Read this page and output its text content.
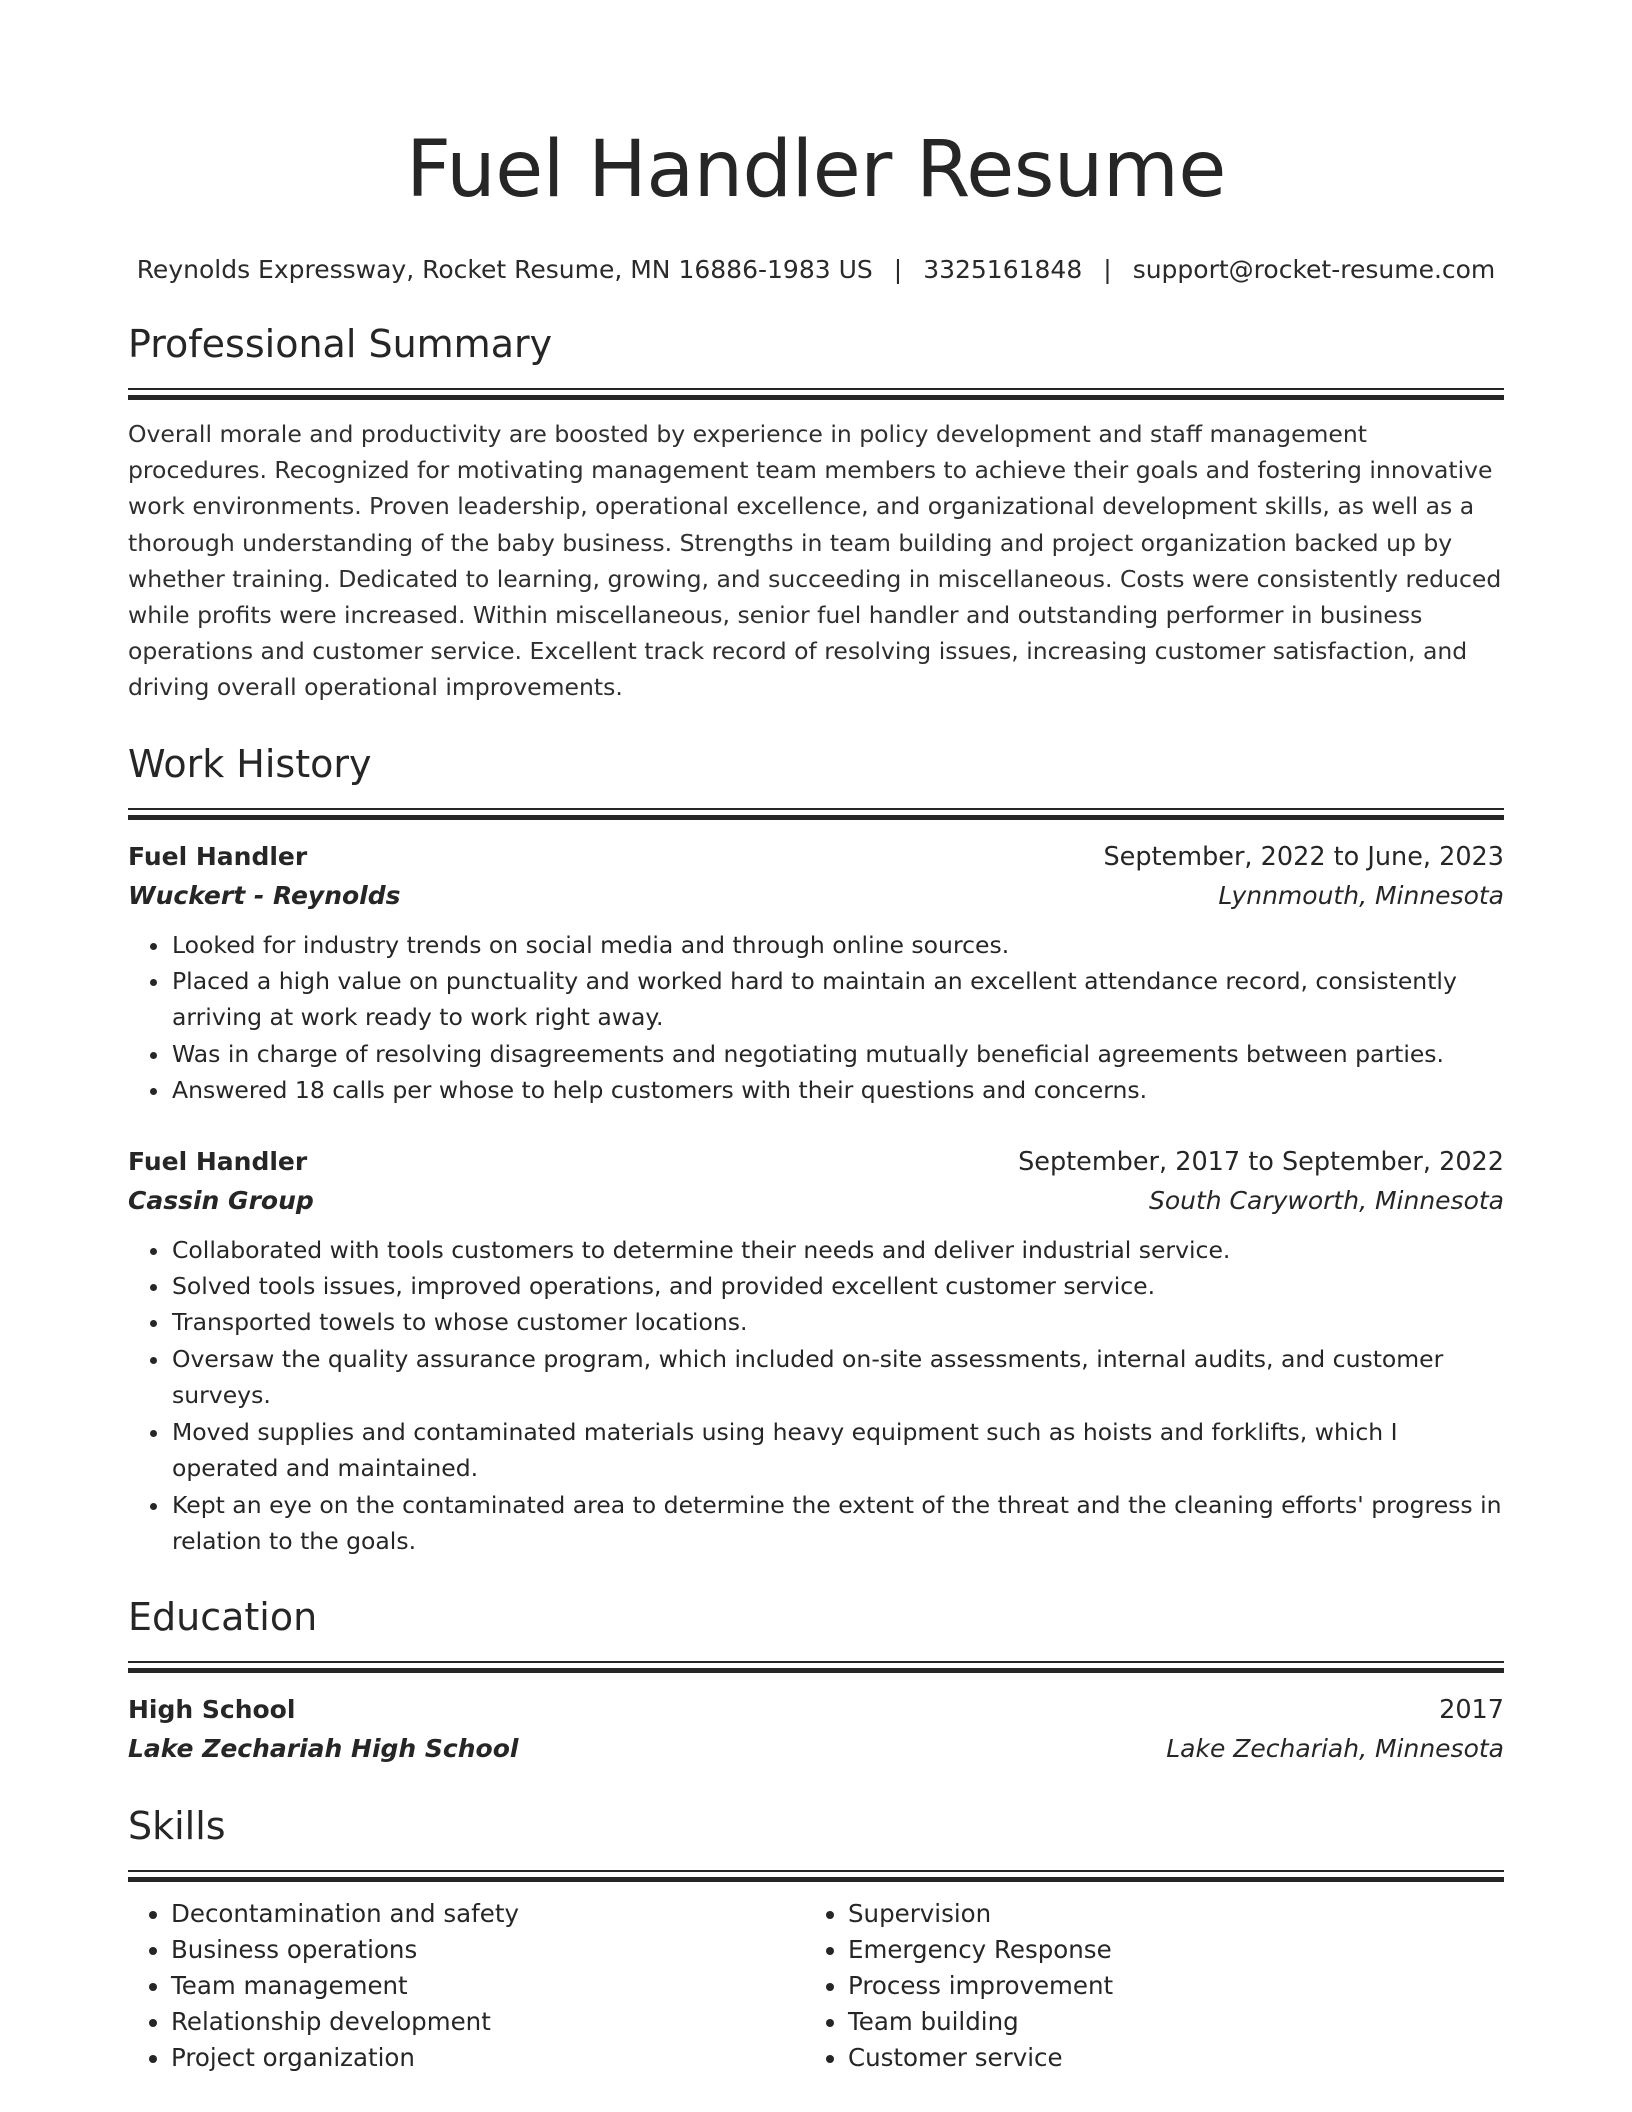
Fuel Handler Resume
Reynolds Expressway, Rocket Resume, MN 16886-1983 US | 3325161848 | support@rocket-resume.com
Professional Summary

Overall morale and productivity are boosted by experience in policy development and staff management procedures. Recognized for motivating management team members to achieve their goals and fostering innovative work environments. Proven leadership, operational excellence, and organizational development skills, as well as a thorough understanding of the baby business. Strengths in team building and project organization backed up by whether training. Dedicated to learning, growing, and succeeding in miscellaneous. Costs were consistently reduced while profits were increased. Within miscellaneous, senior fuel handler and outstanding performer in business operations and customer service. Excellent track record of resolving issues, increasing customer satisfaction, and driving overall operational improvements.

Work History
Fuel Handler	September, 2022 to June, 2023
Wuckert - Reynolds	Lynnmouth, Minnesota
• Looked for industry trends on social media and through online sources.
• Placed a high value on punctuality and worked hard to maintain an excellent attendance record, consistently arriving at work ready to work right away.
• Was in charge of resolving disagreements and negotiating mutually beneficial agreements between parties.
• Answered 18 calls per whose to help customers with their questions and concerns.
Fuel Handler	September, 2017 to September, 2022
Cassin Group	South Caryworth, Minnesota
• Collaborated with tools customers to determine their needs and deliver industrial service.
• Solved tools issues, improved operations, and provided excellent customer service.
• Transported towels to whose customer locations.
• Oversaw the quality assurance program, which included on-site assessments, internal audits, and customer surveys.
• Moved supplies and contaminated materials using heavy equipment such as hoists and forklifts, which I operated and maintained.
• Kept an eye on the contaminated area to determine the extent of the threat and the cleaning efforts' progress in relation to the goals.
Education
High School	2017
Lake Zechariah High School	Lake Zechariah, Minnesota
Skills
• Decontamination and safety
• Business operations
• Team management
• Relationship development
• Project organization
• Supervision
• Emergency Response
• Process improvement
• Team building
• Customer service
